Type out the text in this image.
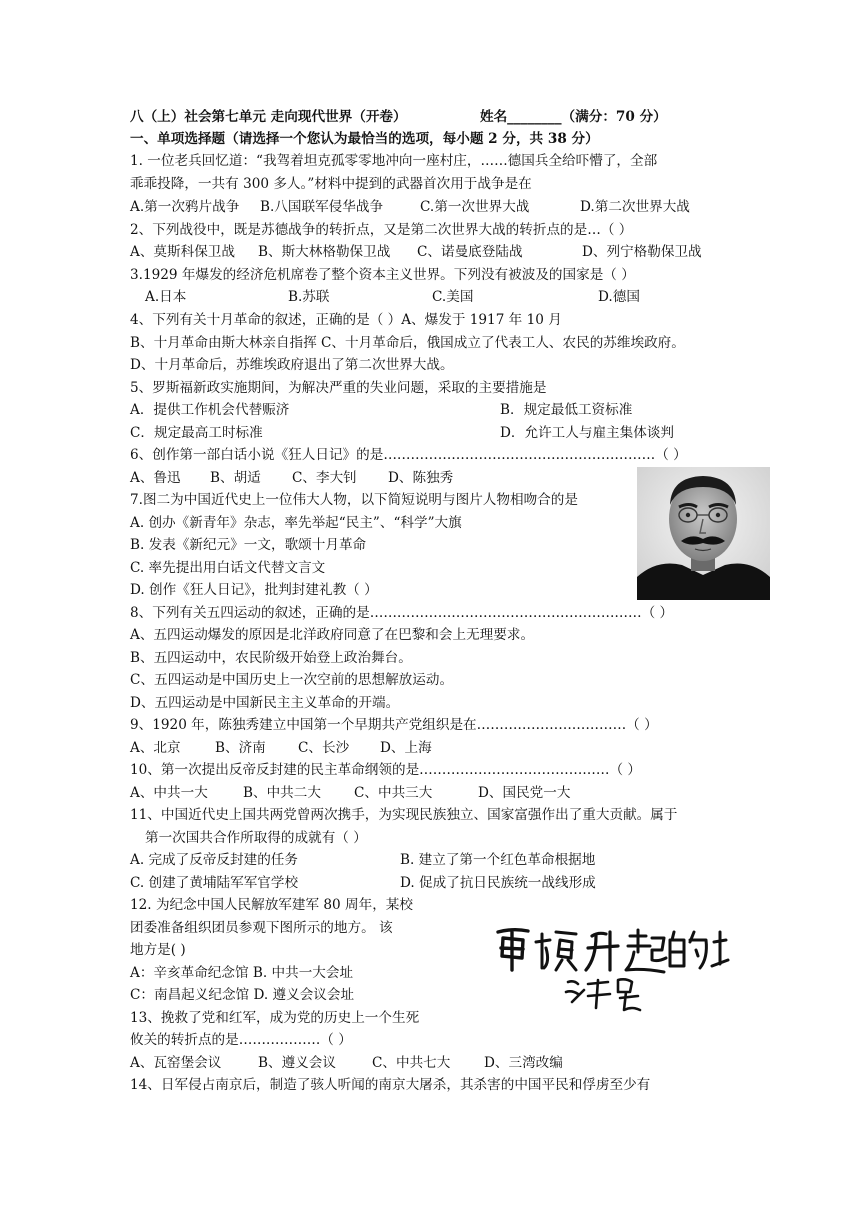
八（上）社会第七单元 走向现代世界（开卷）	姓名________（满分：70 分）
一、单项选择题（请选择一个您认为最恰当的选项，每小题 2 分，共 38 分）
1. 一位老兵回忆道：“我驾着坦克孤零零地冲向一座村庄，……德国兵全给吓懵了，全部
乖乖投降，一共有 300 多人。”材料中提到的武器首次用于战争是在
A.第一次鸦片战争 B.八国联军侵华战争	C.第一次世界大战	D.第二次世界大战
2、下列战役中，既是苏德战争的转折点，又是第二次世界大战的转折点的是…（ ）
A、莫斯科保卫战 B、斯大林格勒保卫战 C、诺曼底登陆战	D、列宁格勒保卫战
3.1929 年爆发的经济危机席卷了整个资本主义世界。下列没有被波及的国家是（ ）
A.日本	B.苏联	C.美国	D.德国
4、下列有关十月革命的叙述，正确的是（ ）A、爆发于 1917 年 10 月
B、十月革命由斯大林亲自指挥 C、十月革命后，俄国成立了代表工人、农民的苏维埃政府。
D、十月革命后，苏维埃政府退出了第二次世界大战。
5、罗斯福新政实施期间，为解决严重的失业问题，采取的主要措施是
A．提供工作机会代替赈济	B．规定最低工资标准
C．规定最高工时标准	D．允许工人与雇主集体谈判
6、创作第一部白话小说《狂人日记》的是……………………………………………………（ ）
A、鲁迅 B、胡适 C、李大钊 D、陈独秀
7.图二为中国近代史上一位伟大人物，以下简短说明与图片人物相吻合的是
A. 创办《新青年》杂志，率先举起“民主”、“科学”大旗
B. 发表《新纪元》一文，歌颂十月革命
C. 率先提出用白话文代替文言文
D. 创作《狂人日记》，批判封建礼教（ ）
8、下列有关五四运动的叙述，正确的是……………………………………………………（ ）
A、五四运动爆发的原因是北洋政府同意了在巴黎和会上无理要求。
B、五四运动中，农民阶级开始登上政治舞台。
C、五四运动是中国历史上一次空前的思想解放运动。
D、五四运动是中国新民主主义革命的开端。
9、1920 年，陈独秀建立中国第一个早期共产党组织是在……………………………（ ）
A、北京	B、济南 C、长沙 D、上海
10、第一次提出反帝反封建的民主革命纲领的是……………………………………（ ）
A、中共一大	B、中共二大 C、中共三大	D、国民党一大
11、中国近代史上国共两党曾两次携手，为实现民族独立、国家富强作出了重大贡献。属于
第一次国共合作所取得的成就有（ ）
A. 完成了反帝反封建的任务	B. 建立了第一个红色革命根据地
C. 创建了黄埔陆军军官学校	D. 促成了抗日民族统一战线形成
12. 为纪念中国人民解放军建军 80 周年，某校
团委准备组织团员参观下图所示的地方。 该
地方是( )
A：辛亥革命纪念馆 B. 中共一大会址
C：南昌起义纪念馆 D. 遵义会议会址
13、挽救了党和红军，成为党的历史上一个生死
攸关的转折点的是………………（ ）
A、瓦窑堡会议	B、遵义会议	C、中共七大 D、三湾改编
14、日军侵占南京后，制造了骇人听闻的南京大屠杀，其杀害的中国平民和俘虏至少有
